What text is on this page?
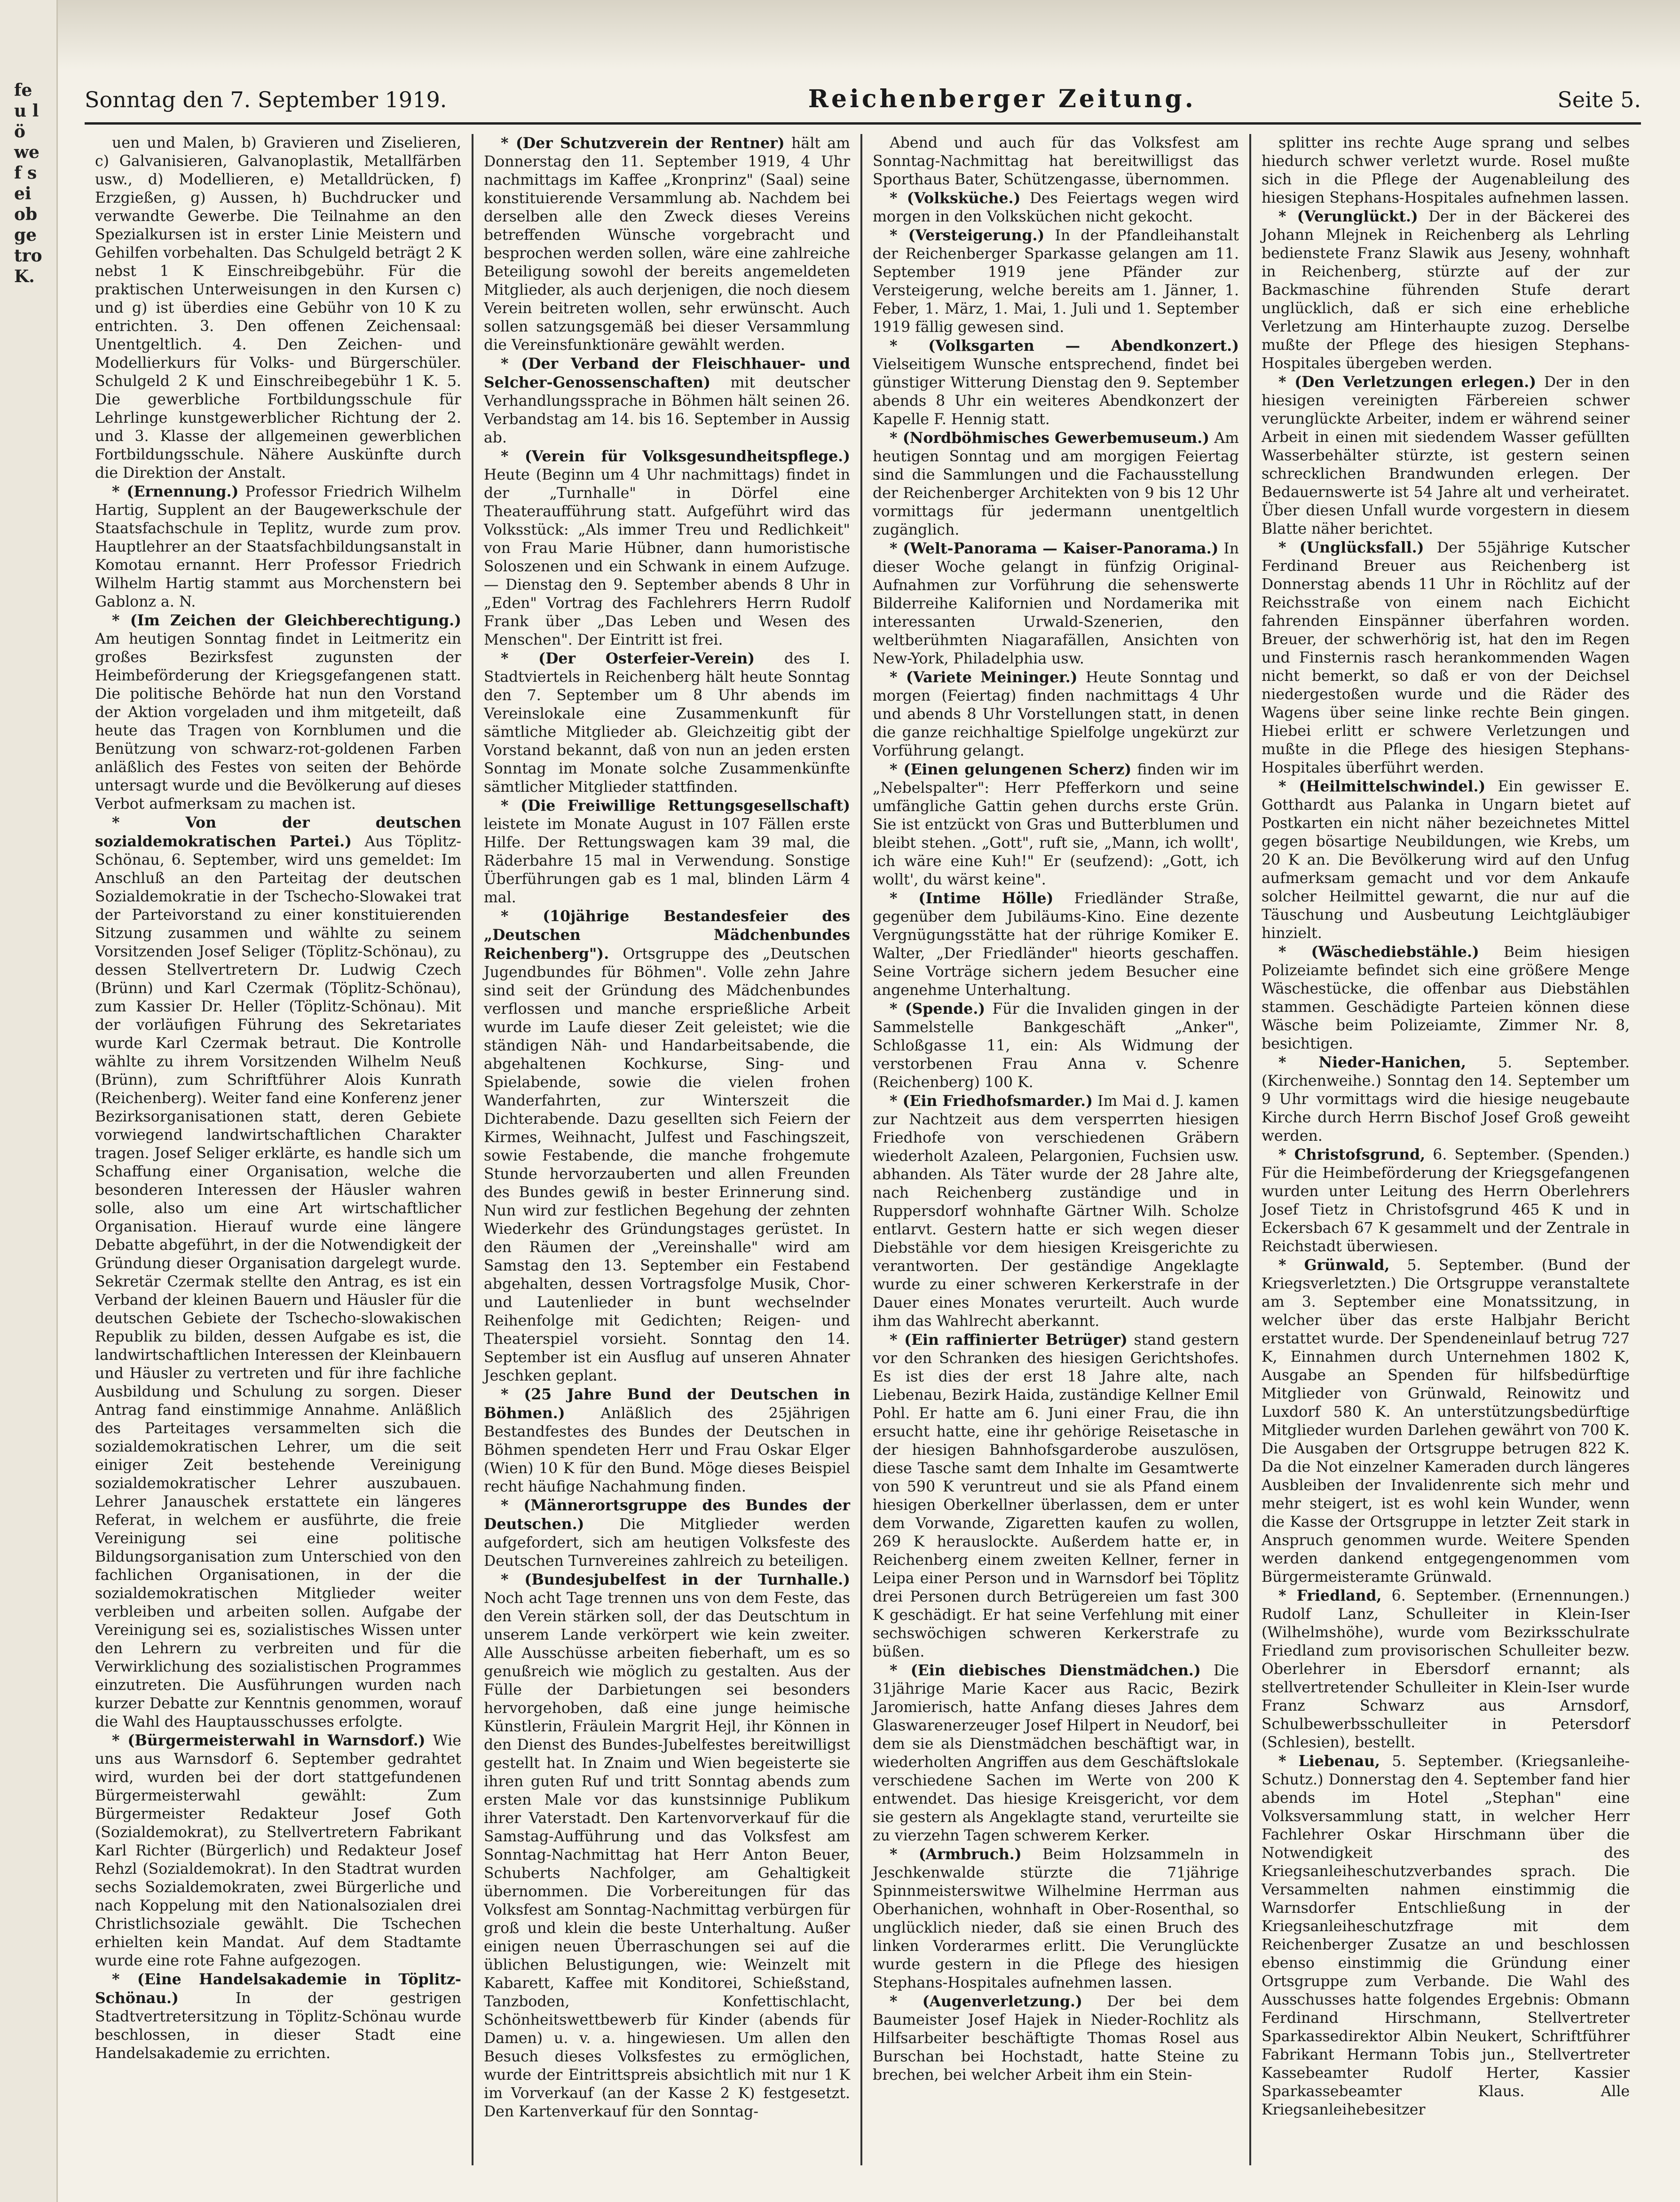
fe u lö we f sei ob ge tro K.
Sonntag den 7. September 1919.	Reichenberger Zeitung.	Seite 5.

uen und Malen, b) Gravieren und Ziselieren, c) Galvanisieren, Galvanoplastik, Metallfärben usw., d) Modellieren, e) Metalldrücken, f) Erzgießen, g) Aussen, h) Buchdrucker und verwandte Gewerbe. Die Teilnahme an den Spezialkursen ist in erster Linie Meistern und Gehilfen vorbehalten. Das Schulgeld beträgt 2 K nebst 1 K Einschreibgebühr. Für die praktischen Unterweisungen in den Kursen c) und g) ist überdies eine Gebühr von 10 K zu entrichten. 3. Den offenen Zeichensaal: Unentgeltlich. 4. Den Zeichen- und Modellierkurs für Volks- und Bürgerschüler. Schulgeld 2 K und Einschreibegebühr 1 K. 5. Die gewerbliche Fortbildungsschule für Lehrlinge kunstgewerblicher Richtung der 2. und 3. Klasse der allgemeinen gewerblichen Fortbildungsschule. Nähere Auskünfte durch die Direktion der Anstalt.

* (Ernennung.) Professor Friedrich Wilhelm Hartig, Supplent an der Baugewerkschule der Staatsfachschule in Teplitz, wurde zum prov. Hauptlehrer an der Staatsfachbildungsanstalt in Komotau ernannt. Herr Professor Friedrich Wilhelm Hartig stammt aus Morchenstern bei Gablonz a. N.

* (Im Zeichen der Gleichberechtigung.) Am heutigen Sonntag findet in Leitmeritz ein großes Bezirksfest zugunsten der Heimbeförderung der Kriegsgefangenen statt. Die politische Behörde hat nun den Vorstand der Aktion vorgeladen und ihm mitgeteilt, daß heute das Tragen von Kornblumen und die Benützung von schwarz-rot-goldenen Farben anläßlich des Festes von seiten der Behörde untersagt wurde und die Bevölkerung auf dieses Verbot aufmerksam zu machen ist.

* Von der deutschen sozialdemokratischen Partei.) Aus Töplitz-Schönau, 6. September, wird uns gemeldet: Im Anschluß an den Parteitag der deutschen Sozialdemokratie in der Tschecho-Slowakei trat der Parteivorstand zu einer konstituierenden Sitzung zusammen und wählte zu seinem Vorsitzenden Josef Seliger (Töplitz-Schönau), zu dessen Stellvertretern Dr. Ludwig Czech (Brünn) und Karl Czermak (Töplitz-Schönau), zum Kassier Dr. Heller (Töplitz-Schönau). Mit der vorläufigen Führung des Sekretariates wurde Karl Czermak betraut. Die Kontrolle wählte zu ihrem Vorsitzenden Wilhelm Neuß (Brünn), zum Schriftführer Alois Kunrath (Reichenberg). Weiter fand eine Konferenz jener Bezirksorganisationen statt, deren Gebiete vorwiegend landwirtschaftlichen Charakter tragen. Josef Seliger erklärte, es handle sich um Schaffung einer Organisation, welche die besonderen Interessen der Häusler wahren solle, also um eine Art wirtschaftlicher Organisation. Hierauf wurde eine längere Debatte abgeführt, in der die Notwendigkeit der Gründung dieser Organisation dargelegt wurde. Sekretär Czermak stellte den Antrag, es ist ein Verband der kleinen Bauern und Häusler für die deutschen Gebiete der Tschecho-slowakischen Republik zu bilden, dessen Aufgabe es ist, die landwirtschaftlichen Interessen der Kleinbauern und Häusler zu vertreten und für ihre fachliche Ausbildung und Schulung zu sorgen. Dieser Antrag fand einstimmige Annahme. Anläßlich des Parteitages versammelten sich die sozialdemokratischen Lehrer, um die seit einiger Zeit bestehende Vereinigung sozialdemokratischer Lehrer auszubauen. Lehrer Janauschek erstattete ein längeres Referat, in welchem er ausführte, die freie Vereinigung sei eine politische Bildungsorganisation zum Unterschied von den fachlichen Organisationen, in der die sozialdemokratischen Mitglieder weiter verbleiben und arbeiten sollen. Aufgabe der Vereinigung sei es, sozialistisches Wissen unter den Lehrern zu verbreiten und für die Verwirklichung des sozialistischen Programmes einzutreten. Die Ausführungen wurden nach kurzer Debatte zur Kenntnis genommen, worauf die Wahl des Hauptausschusses erfolgte.

* (Bürgermeisterwahl in Warnsdorf.) Wie uns aus Warnsdorf 6. September gedrahtet wird, wurden bei der dort stattgefundenen Bürgermeisterwahl gewählt: Zum Bürgermeister Redakteur Josef Goth (Sozialdemokrat), zu Stellvertretern Fabrikant Karl Richter (Bürgerlich) und Redakteur Josef Rehzl (Sozialdemokrat). In den Stadtrat wurden sechs Sozialdemokraten, zwei Bürgerliche und nach Koppelung mit den Nationalsozialen drei Christlichsoziale gewählt. Die Tschechen erhielten kein Mandat. Auf dem Stadtamte wurde eine rote Fahne aufgezogen.

* (Eine Handelsakademie in Töplitz-Schönau.)	In der gestrigen Stadtvertretersitzung in Töplitz-Schönau wurde beschlossen, in dieser Stadt eine Handelsakademie zu errichten.

* (Der Schutzverein der Rentner) hält am Donnerstag den 11. September 1919, 4 Uhr nachmittags im Kaffee „Kronprinz" (Saal) seine konstituierende Versammlung ab. Nachdem bei derselben alle den Zweck dieses Vereins betreffenden Wünsche vorgebracht und besprochen werden sollen, wäre eine zahlreiche Beteiligung sowohl der bereits angemeldeten Mitglieder, als auch derjenigen, die noch diesem Verein beitreten wollen, sehr erwünscht. Auch sollen satzungsgemäß bei dieser Versammlung die Vereinsfunktionäre gewählt werden.

* (Der Verband der Fleischhauer- und Selcher-Genossenschaften) mit deutscher Verhandlungssprache in Böhmen hält seinen 26. Verbandstag am 14. bis 16. September in Aussig ab.

* (Verein für Volksgesundheitspflege.) Heute (Beginn um 4 Uhr nachmittags) findet in der „Turnhalle" in Dörfel eine Theateraufführung statt. Aufgeführt wird das Volksstück: „Als immer Treu und Redlichkeit" von Frau Marie Hübner, dann humoristische Soloszenen und ein Schwank in einem Aufzuge. — Dienstag den 9. September abends 8 Uhr in „Eden" Vortrag des Fachlehrers Herrn Rudolf Frank über „Das Leben und Wesen des Menschen". Der Eintritt ist frei.

* (Der Osterfeier-Verein) des I. Stadtviertels in Reichenberg hält heute Sonntag den 7. September um 8 Uhr abends im Vereinslokale eine Zusammenkunft für sämtliche Mitglieder ab. Gleichzeitig gibt der Vorstand bekannt, daß von nun an jeden ersten Sonntag im Monate solche Zusammenkünfte sämtlicher Mitglieder stattfinden.

* (Die Freiwillige Rettungsgesellschaft) leistete im Monate August in 107 Fällen erste Hilfe. Der Rettungswagen kam 39 mal, die Räderbahre 15 mal in Verwendung. Sonstige Überführungen gab es 1 mal, blinden Lärm 4 mal.

* (10jährige Bestandesfeier des „Deutschen Mädchenbundes Reichenberg"). Ortsgruppe des „Deutschen Jugendbundes für Böhmen". Volle zehn Jahre sind seit der Gründung des Mädchenbundes verflossen und manche ersprießliche Arbeit wurde im Laufe dieser Zeit geleistet; wie die ständigen Näh- und Handarbeitsabende, die abgehaltenen Kochkurse, Sing- und Spielabende, sowie die vielen frohen Wanderfahrten, zur Winterszeit die Dichterabende. Dazu gesellten sich Feiern der Kirmes, Weihnacht, Julfest und Faschingszeit, sowie Festabende, die manche frohgemute Stunde hervorzauberten und allen Freunden des Bundes gewiß in bester Erinnerung sind. Nun wird zur festlichen Begehung der zehnten Wiederkehr des Gründungstages gerüstet. In den Räumen der „Vereinshalle" wird am Samstag den 13. September ein Festabend abgehalten, dessen Vortragsfolge Musik, Chor- und Lautenlieder in bunt wechselnder Reihenfolge mit Gedichten; Reigen- und Theaterspiel vorsieht. Sonntag den 14. September ist ein Ausflug auf unseren Ahnater Jeschken geplant.

* (25 Jahre Bund der Deutschen in Böhmen.) Anläßlich des 25jährigen Bestandfestes des Bundes der Deutschen in Böhmen spendeten Herr und Frau Oskar Elger (Wien) 10 K für den Bund. Möge dieses Beispiel recht häufige Nachahmung finden.

* (Männerortsgruppe des Bundes der Deutschen.) Die Mitglieder werden aufgefordert, sich am heutigen Volksfeste des Deutschen Turnvereines zahlreich zu beteiligen.

* (Bundesjubelfest in der Turnhalle.) Noch acht Tage trennen uns von dem Feste, das den Verein stärken soll, der das Deutschtum in unserem Lande verkörpert wie kein zweiter. Alle Ausschüsse arbeiten fieberhaft, um es so genußreich wie möglich zu gestalten. Aus der Fülle der Darbietungen sei besonders hervorgehoben, daß eine junge heimische Künstlerin, Fräulein Margrit Hejl, ihr Können in den Dienst des Bundes-Jubelfestes bereitwilligst gestellt hat. In Znaim und Wien begeisterte sie ihren guten Ruf und tritt Sonntag abends zum ersten Male vor das kunstsinnige Publikum ihrer Vaterstadt. Den Kartenvorverkauf für die Samstag-Aufführung und das Volksfest am Sonntag-Nachmittag hat Herr Anton Beuer, Schuberts Nachfolger, am Gehaltigkeit übernommen. Die Vorbereitungen für das Volksfest am Sonntag-Nachmittag verbürgen für groß und klein die beste Unterhaltung. Außer einigen neuen Überraschungen sei auf die üblichen Belustigungen, wie: Weinzelt mit Kabarett, Kaffee mit Konditorei, Schießstand, Tanzboden, Konfettischlacht, Schönheitswettbewerb für Kinder (abends für Damen) u. v. a. hingewiesen. Um allen den Besuch dieses Volksfestes zu ermöglichen, wurde der Eintrittspreis absichtlich mit nur 1 K im Vorverkauf (an der Kasse 2 K) festgesetzt. Den Kartenverkauf für den Sonntag-

Abend und auch für das Volksfest am Sonntag-Nachmittag hat bereitwilligst das Sporthaus Bater, Schützengasse, übernommen.

* (Volksküche.) Des Feiertags wegen wird morgen in den Volksküchen nicht gekocht.

* (Versteigerung.) In der Pfandleihanstalt der Reichenberger Sparkasse gelangen am 11. September 1919 jene Pfänder zur Versteigerung, welche bereits am 1. Jänner, 1. Feber, 1. März, 1. Mai, 1. Juli und 1. September 1919 fällig gewesen sind.

* (Volksgarten — Abendkonzert.) Vielseitigem Wunsche entsprechend, findet bei günstiger Witterung Dienstag den 9. September abends 8 Uhr ein weiteres Abendkonzert der Kapelle F. Hennig statt.

* (Nordböhmisches Gewerbemuseum.) Am heutigen Sonntag und am morgigen Feiertag sind die Sammlungen und die Fachausstellung der Reichenberger Architekten von 9 bis 12 Uhr vormittags für jedermann unentgeltlich zugänglich.

* (Welt-Panorama — Kaiser-Panorama.) In dieser Woche gelangt in fünfzig Original-Aufnahmen zur Vorführung die sehenswerte Bilderreihe Kalifornien und Nordamerika mit interessanten Urwald-Szenerien, den weltberühmten Niagarafällen, Ansichten von New-York, Philadelphia usw.

* (Variete Meininger.) Heute Sonntag und morgen (Feiertag) finden nachmittags 4 Uhr und abends 8 Uhr Vorstellungen statt, in denen die ganze reichhaltige Spielfolge ungekürzt zur Vorführung gelangt.

* (Einen gelungenen Scherz) finden wir im „Nebelspalter": Herr Pfefferkorn und seine umfängliche Gattin gehen durchs erste Grün. Sie ist entzückt von Gras und Butterblumen und bleibt stehen. „Gott", ruft sie, „Mann, ich wollt', ich wäre eine Kuh!" Er (seufzend): „Gott, ich wollt', du wärst keine".

* (Intime Hölle) Friedländer Straße, gegenüber dem Jubiläums-Kino. Eine dezente Vergnügungsstätte hat der rührige Komiker E. Walter, „Der Friedländer" hieorts geschaffen. Seine Vorträge sichern jedem Besucher eine angenehme Unterhaltung.

* (Spende.) Für die Invaliden gingen in der Sammelstelle Bankgeschäft „Anker", Schloßgasse 11, ein: Als Widmung der verstorbenen Frau Anna v. Schenre (Reichenberg) 100 K.

* (Ein Friedhofsmarder.) Im Mai d. J. kamen zur Nachtzeit aus dem versperrten hiesigen Friedhofe von verschiedenen Gräbern wiederholt Azaleen, Pelargonien, Fuchsien usw. abhanden. Als Täter wurde der 28 Jahre alte, nach Reichenberg zuständige und in Ruppersdorf wohnhafte Gärtner Wilh. Scholze entlarvt. Gestern hatte er sich wegen dieser Diebstähle vor dem hiesigen Kreisgerichte zu verantworten. Der geständige Angeklagte wurde zu einer schweren Kerkerstrafe in der Dauer eines Monates verurteilt. Auch wurde ihm das Wahlrecht aberkannt.

* (Ein raffinierter Betrüger) stand gestern vor den Schranken des hiesigen Gerichtshofes. Es ist dies der erst 18 Jahre alte, nach Liebenau, Bezirk Haida, zuständige Kellner Emil Pohl. Er hatte am 6. Juni einer Frau, die ihn ersucht hatte, eine ihr gehörige Reisetasche in der hiesigen Bahnhofsgarderobe auszulösen, diese Tasche samt dem Inhalte im Gesamtwerte von 590 K veruntreut und sie als Pfand einem hiesigen Oberkellner überlassen, dem er unter dem Vorwande, Zigaretten kaufen zu wollen, 269 K herauslockte. Außerdem hatte er, in Reichenberg einem zweiten Kellner, ferner in Leipa einer Person und in Warnsdorf bei Töplitz drei Personen durch Betrügereien um fast 300 K geschädigt. Er hat seine Verfehlung mit einer sechswöchigen schweren Kerkerstrafe zu büßen.

* (Ein diebisches Dienstmädchen.) Die 31jährige Marie Kacer aus Racic, Bezirk Jaromierisch, hatte Anfang dieses Jahres dem Glaswarenerzeuger Josef Hilpert in Neudorf, bei dem sie als Dienstmädchen beschäftigt war, in wiederholten Angriffen aus dem Geschäftslokale verschiedene Sachen im Werte von 200 K entwendet. Das hiesige Kreisgericht, vor dem sie gestern als Angeklagte stand, verurteilte sie zu vierzehn Tagen schwerem Kerker.

* (Armbruch.) Beim Holzsammeln in Jeschkenwalde stürzte die 71jährige Spinnmeisterswitwe Wilhelmine Herrman aus Oberhanichen, wohnhaft in Ober-Rosenthal, so unglücklich nieder, daß sie einen Bruch des linken Vorderarmes erlitt. Die Verunglückte wurde gestern in die Pflege des hiesigen Stephans-Hospitales aufnehmen lassen.

* (Augenverletzung.) Der bei dem Baumeister Josef Hajek in Nieder-Rochlitz als Hilfsarbeiter beschäftigte Thomas Rosel aus Burschan bei Hochstadt, hatte Steine zu brechen, bei welcher Arbeit ihm ein Stein-

splitter ins rechte Auge sprang und selbes hiedurch schwer verletzt wurde. Rosel mußte sich in die Pflege der Augenableilung des hiesigen Stephans-Hospitales aufnehmen lassen.

* (Verunglückt.) Der in der Bäckerei des Johann Mlejnek in Reichenberg als Lehrling bedienstete Franz Slawik aus Jeseny, wohnhaft in Reichenberg, stürzte auf der zur Backmaschine führenden Stufe derart unglücklich, daß er sich eine erhebliche Verletzung am Hinterhaupte zuzog. Derselbe mußte der Pflege des hiesigen Stephans-Hospitales übergeben werden.

* (Den Verletzungen erlegen.) Der in den hiesigen vereinigten Färbereien schwer verunglückte Arbeiter, indem er während seiner Arbeit in einen mit siedendem Wasser gefüllten Wasserbehälter stürzte, ist gestern seinen schrecklichen Brandwunden erlegen. Der Bedauernswerte ist 54 Jahre alt und verheiratet. Über diesen Unfall wurde vorgestern in diesem Blatte näher berichtet.

* (Unglücksfall.) Der 55jährige Kutscher Ferdinand Breuer aus Reichenberg ist Donnerstag abends 11 Uhr in Röchlitz auf der Reichsstraße von einem nach Eichicht fahrenden Einspänner überfahren worden. Breuer, der schwerhörig ist, hat den im Regen und Finsternis rasch herankommenden Wagen nicht bemerkt, so daß er von der Deichsel niedergestoßen wurde und die Räder des Wagens über seine linke rechte Bein gingen. Hiebei erlitt er schwere Verletzungen und mußte in die Pflege des hiesigen Stephans-Hospitales überführt werden.

* (Heilmittelschwindel.) Ein gewisser E. Gotthardt aus Palanka in Ungarn bietet auf Postkarten ein nicht näher bezeichnetes Mittel gegen bösartige Neubildungen, wie Krebs, um 20 K an. Die Bevölkerung wird auf den Unfug aufmerksam gemacht und vor dem Ankaufe solcher Heilmittel gewarnt, die nur auf die Täuschung und Ausbeutung Leichtgläubiger hinzielt.

* (Wäschediebstähle.) Beim hiesigen Polizeiamte befindet sich eine größere Menge Wäschestücke, die offenbar aus Diebstählen stammen. Geschädigte Parteien können diese Wäsche beim Polizeiamte, Zimmer Nr. 8, besichtigen.

* Nieder-Hanichen, 5. September. (Kirchenweihe.) Sonntag den 14. September um 9 Uhr vormittags wird die hiesige neugebaute Kirche durch Herrn Bischof Josef Groß geweiht werden.

* Christofsgrund, 6. September. (Spenden.) Für die Heimbeförderung der Kriegsgefangenen wurden unter Leitung des Herrn Oberlehrers Josef Tietz in Christofsgrund 465 K und in Eckersbach 67 K gesammelt und der Zentrale in Reichstadt überwiesen.

* Grünwald, 5. September. (Bund der Kriegsverletzten.) Die Ortsgruppe veranstaltete am 3. September eine Monatssitzung, in welcher über das erste Halbjahr Bericht erstattet wurde. Der Spendeneinlauf betrug 727 K, Einnahmen durch Unternehmen 1802 K, Ausgabe an Spenden für hilfsbedürftige Mitglieder von Grünwald, Reinowitz und Luxdorf 580 K. An unterstützungsbedürftige Mitglieder wurden Darlehen gewährt von 700 K. Die Ausgaben der Ortsgruppe betrugen 822 K. Da die Not einzelner Kameraden durch längeres Ausbleiben der Invalidenrente sich mehr und mehr steigert, ist es wohl kein Wunder, wenn die Kasse der Ortsgruppe in letzter Zeit stark in Anspruch genommen wurde. Weitere Spenden werden dankend entgegengenommen vom Bürgermeisteramte Grünwald.

* Friedland, 6. September. (Ernennungen.) Rudolf Lanz, Schulleiter in Klein-Iser (Wilhelmshöhe), wurde vom Bezirksschulrate Friedland zum provisorischen Schulleiter bezw. Oberlehrer in Ebersdorf ernannt; als stellvertretender Schulleiter in Klein-Iser wurde Franz Schwarz aus Arnsdorf, Schulbewerbsschulleiter in Petersdorf (Schlesien), bestellt.

* Liebenau, 5. September. (Kriegsanleihe-Schutz.) Donnerstag den 4. September fand hier abends im Hotel „Stephan" eine Volksversammlung statt, in welcher Herr Fachlehrer Oskar Hirschmann über die Notwendigkeit des Kriegsanleiheschutzverbandes sprach. Die Versammelten nahmen einstimmig die Warnsdorfer Entschließung in der Kriegsanleiheschutzfrage mit dem Reichenberger Zusatze an und beschlossen ebenso einstimmig die Gründung einer Ortsgruppe zum Verbande. Die Wahl des Ausschusses hatte folgendes Ergebnis: Obmann Ferdinand Hirschmann, Stellvertreter Sparkassedirektor Albin Neukert, Schriftführer Fabrikant Hermann Tobis jun., Stellvertreter Kassebeamter Rudolf Herter, Kassier Sparkassebeamter Klaus. Alle Kriegsanleihebesitzer
